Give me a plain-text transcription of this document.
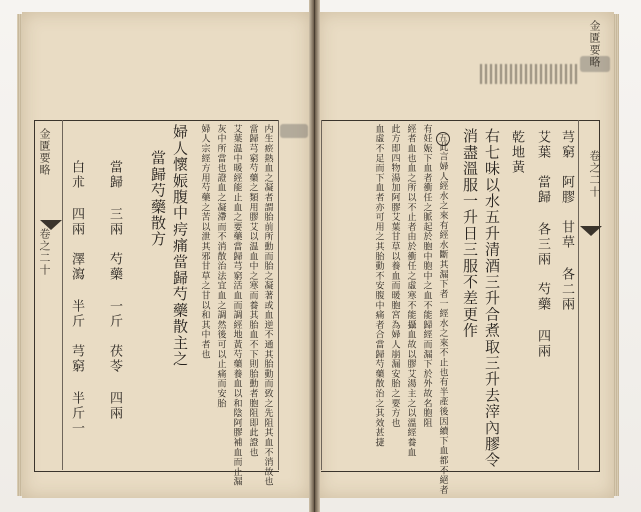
金匱要略
卷之二十
金匱要略
卷之二十
内生瘀熱血之凝者謂胎前所動而胎之凝著或血逆不通其胎動而致之先阻其血不消故也
當歸芎窮芍藥之類用膠艾以温血中之寒而養其胎血不下則胎動者胞阻即此證也
艾葉温中暖經能止血之要藥當歸芎窮活血而調經地黃芍藥養血以和陰阿膠補血而止漏
灰中所當也證血之凝滯而不消散治法宜血之調然後可以止痛而安胎
婦人宗經方用芍藥之苦以泄其邪甘草之甘以和其中者也
婦人懷娠腹中疞痛當歸芍藥散主之
當歸芍藥散方
當歸 三兩　芍藥 一斤　茯苓 四兩
白朮 四兩　澤瀉 半斤　芎窮 半斤一	芎窮　阿膠　甘草 各二兩
艾葉　當歸 各三兩　芍藥 四兩
乾地黃
右七味以水五升清酒三升合煮取三升去滓內膠令
消盡溫服一升日三服不差更作
五
此言婦人經水之來有經水斷其漏下者一經水之來不止也有半產後因續下血都不絕者
有妊娠下血者衝任之脈起於胞中胞中之血不能歸經而漏下於外故名胞阻
經者血也血之所以不止者由於衝任之虛寒不能攝血故以膠艾湯主之以溫經養血
此方即四物湯加阿膠艾葉甘草以養血而暖胞宮為婦人崩漏安胎之要方也
血虛不足而下血者亦可用之其胎動不安腹中痛者合當歸芍藥散治之其效甚捷
